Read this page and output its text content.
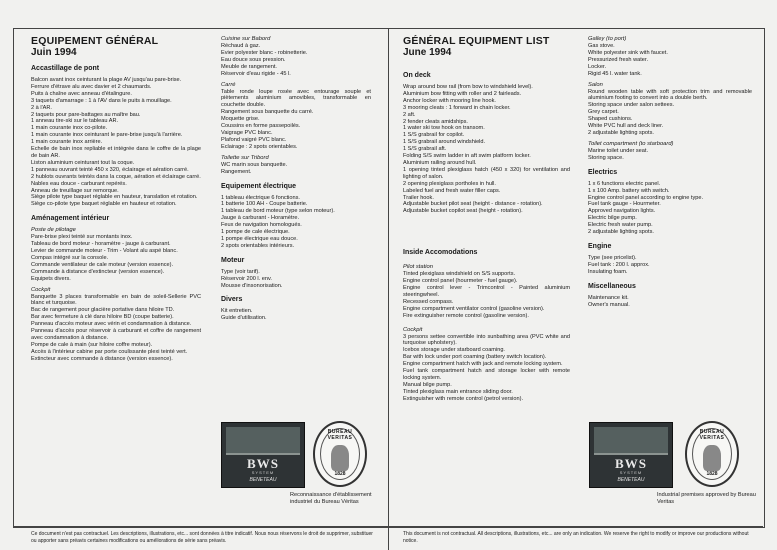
EQUIPEMENT GÉNÉRAL
Juin 1994
Accastillage de pont

Balcon avant inox ceinturant la plage AV jusqu'au pare-brise.

Ferrure d'étrave alu avec davier et 2 chaumards.

Puits à chaîne avec anneau d'étalingure.

3 taquets d'amarrage : 1 à l'AV dans le puits à mouillage.

2 à l'AR.

2 taquets pour pare-battages au maître bau.

1 anneau tire-ski sur le tableau AR.

1 main courante inox co-pilote.

1 main courante inox ceinturant le pare-brise jusqu'à l'arrière.

1 main courante inox arrière.

Echelle de bain inox repliable et intégrée dans le coffre de la plage de bain AR.

Liston aluminium ceinturant tout la coque.

1 panneau ouvrant teinté 450 x 320, éclairage et aération carré.

2 hublots ouvrants teintés dans la coque, aération et éclairage carré.

Nables eau douce - carburant repérés.

Anneau de treuillage sur remorque.

Siège pilote type baquet réglable en hauteur, translation et rotation.

Siège co-pilote type baquet réglable en hauteur et rotation.

Aménagement intérieur
Poste de pilotage

Pare-brise plexi teinté sur montants inox.

Tableau de bord moteur - horamètre - jauge à carburant.

Levier de commande moteur - Trim - Volant alu aspé blanc.

Compas intégré sur la console.

Commande ventilateur de cale moteur (version essence).

Commande à distance d'extincteur (version essence).

Equipets divers.

Cockpit

Banquette 3 places transformable en bain de soleil-Sellerie PVC blanc et turquoise.

Bac de rangement pour glacière portative dans hiloire TD.

Bar avec fermeture à clé dans hiloire BD (coupe batterie).

Panneau d'accès moteur avec vérin et condamnation à distance.

Panneau d'accès pour réservoir à carburant et coffre de rangement avec condamnation à distance.

Pompe de cale à main (sur hiloire coffre moteur).

Accès à l'intérieur cabine par porte coulissante plexi teinté vert.

Extincteur avec commande à distance (version essence).

Cuisine sur Babord

Réchaud à gaz.

Evier polyester blanc - robinetterie.

Eau douce sous pression.

Meuble de rangement.

Réservoir d'eau rigide - 45 l.

Carré

Table ronde loupe rosée avec entourage souple et piètements aluminium amovibles, transformable en couchette double.

Rangement sous banquette du carré.

Moquette grise.

Coussins en forme passepoilés.

Vaigrage PVC blanc.

Plafond vaigré PVC blanc.

Eclairage : 2 spots orientables.

Toilette sur Tribord

WC marin sous banquette.

Rangement.

Equipement électrique

1 tableau électrique 6 fonctions.

1 batterie 100 AH - Coupe batterie.

1 tableau de bord moteur (type selon moteur).

Jauge à carburant - Horamètre.

Feux de navigation homologués.

1 pompe de cale électrique.

1 pompe électrique eau douce.

2 spots orientables intérieurs.

Moteur

Type (voir tarif).

Réservoir 200 l. env.

Mousse d'insonorisation.

Divers

Kit entretien.

Guide d'utilisation.

BWS
SYSTEM
BENETEAU
BUREAU VERITAS
1828
Reconnaissance d'établissement industriel du Bureau Véritas
GÉNÉRAL EQUIPMENT LIST
June 1994
On deck

Wrap around bow rail (from bow to windshield level).

Aluminium bow fitting with roller and 2 fairleads.

Anchor locker with mooring line hook.

3 mooring cleats : 1 forward in chain locker.

2 aft.

2 fender cleats amidships.

1 water ski tow hook on transom.

1 S/S grabrail for copilot.

1 S/S grabrail around windshield.

1 S/S grabrail aft.

Folding S/S swim ladder in aft swim platform locker.

Aluminium railing around hull.

1 opening tinted plexiglass hatch (450 x 320) for ventilation and lighting of salon.

2 opening plexiglass portholes in hull.

Labeled fuel and fresh water filler caps.

Trailer hook.

Adjustable bucket pilot seat (height - distance - rotation).

Adjustable bucket copilot seat (height - rotation).

Inside Accomodations
Pilot station

Tinted plexiglass windshield on S/S supports.

Engine control panel (hourmeter - fuel gauge).

Engine control lever - Trimcontrol - Painted aluminium steeringwheel.

Recessed compass.

Engine compartment ventilator control (gasoline version).

Fire extinguisher remote control (gasoline version).

Cockpit

3 persons settee convertible into sunbathing area (PVC white and turquoise upholstery).

Icebox storage under starboard coaming.

Bar with lock under port coaming (battery switch location).

Engine compartment hatch with jack and remote locking system.

Fuel tank compartment hatch and storage locker with remote locking system.

Manual bilge pump.

Tinted plexiglass main entrance sliding door.

Extinguisher with remote control (petrol version).

Galley (to port)

Gas stove.

White polyester sink with faucet.

Pressurized fresh water.

Locker.

Rigid 45 l. water tank.

Salon

Round wooden table with soft protection trim and removable aluminium footing to convert into a double berth.

Storing space under salon settees.

Grey carpet.

Shaped cushions.

White PVC hull and deck liner.

2 adjustable lighting spots.

Toilet compartment (to starboard)

Marine toilet under seat.

Storing space.

Electrics

1 x 6 functions electric panel.

1 x 100 Amp. battery with switch.

Engine control panel according to engine type.

Fuel tank gauge - Hourmeter.

Approved navigation lights.

Electric bilge pump.

Electric fresh water pump.

2 adjustable lighting spots.

Engine

Type (see pricelist).

Fuel tank : 200 l. approx.

Insulating foam.

Miscellaneous

Maintenance kit.

Owner's manual.

BWS
SYSTEM
BENETEAU
BUREAU VERITAS
1828
Industrial premises approved by Bureau Veritas
Ce document n'est pas contractuel. Les descriptions, illustrations, etc... sont données à titre indicatif. Nous nous réservons le droit de supprimer, substituer ou apporter sans préavis certaines modifications ou améliorations de série sans préavis.
This document is not contractual. All descriptions, illustrations, etc... are only an indication. We reserve the right to modify or improve our productions without notice.
